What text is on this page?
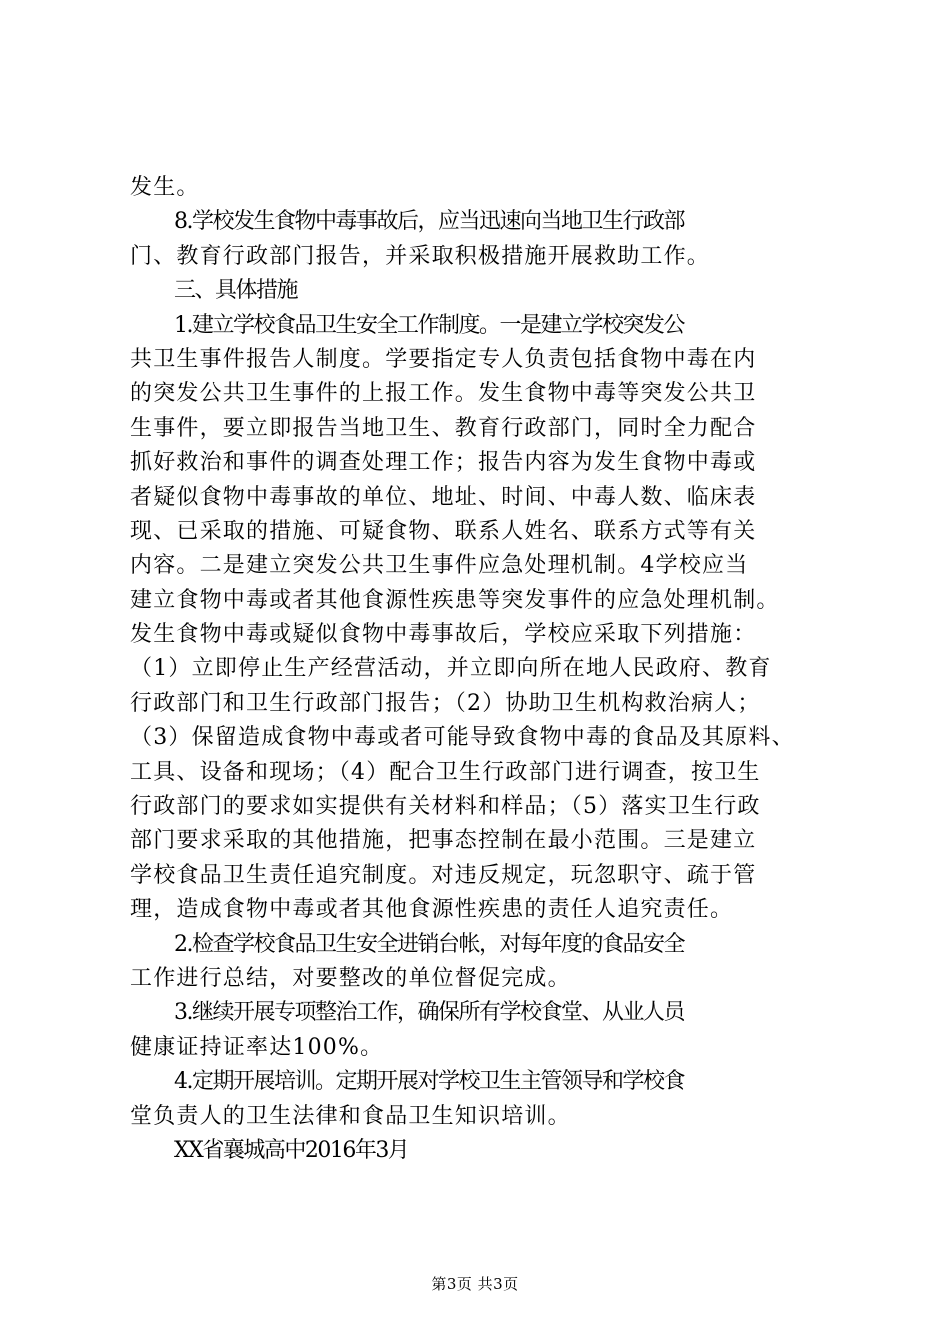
发生。
8.学校发生食物中毒事故后，应当迅速向当地卫生行政部
门、教育行政部门报告，并采取积极措施开展救助工作。
三、具体措施
1.建立学校食品卫生安全工作制度。一是建立学校突发公
共卫生事件报告人制度。学要指定专人负责包括食物中毒在内
的突发公共卫生事件的上报工作。发生食物中毒等突发公共卫
生事件，要立即报告当地卫生、教育行政部门，同时全力配合
抓好救治和事件的调查处理工作；报告内容为发生食物中毒或
者疑似食物中毒事故的单位、地址、时间、中毒人数、临床表
现、已采取的措施、可疑食物、联系人姓名、联系方式等有关
内容。二是建立突发公共卫生事件应急处理机制。4学校应当
建立食物中毒或者其他食源性疾患等突发事件的应急处理机制。
发生食物中毒或疑似食物中毒事故后，学校应采取下列措施：
（1）立即停止生产经营活动，并立即向所在地人民政府、教育
行政部门和卫生行政部门报告；（2）协助卫生机构救治病人；
（3）保留造成食物中毒或者可能导致食物中毒的食品及其原料、
工具、设备和现场；（4）配合卫生行政部门进行调查，按卫生
行政部门的要求如实提供有关材料和样品；（5）落实卫生行政
部门要求采取的其他措施，把事态控制在最小范围。三是建立
学校食品卫生责任追究制度。对违反规定，玩忽职守、疏于管
理，造成食物中毒或者其他食源性疾患的责任人追究责任。
2.检查学校食品卫生安全进销台帐，对每年度的食品安全
工作进行总结，对要整改的单位督促完成。
3.继续开展专项整治工作，确保所有学校食堂、从业人员
健康证持证率达100%。
4.定期开展培训。定期开展对学校卫生主管领导和学校食
堂负责人的卫生法律和食品卫生知识培训。
XX省襄城高中2016年3月
第3页 共3页
